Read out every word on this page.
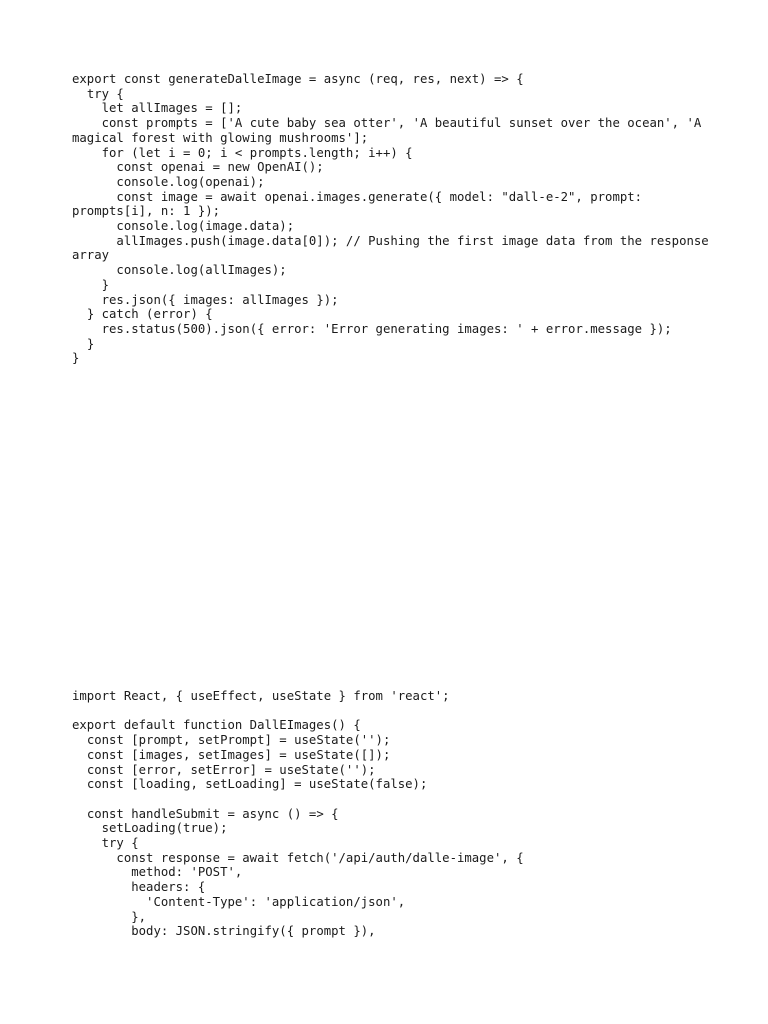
export const generateDalleImage = async (req, res, next) => {
try {
let allImages = [];
const prompts = ['A cute baby sea otter', 'A beautiful sunset over the ocean', 'A magical forest with glowing mushrooms'];
for (let i = 0; i < prompts.length; i++) {
const openai = new OpenAI();
console.log(openai);
const image = await openai.images.generate({ model: "dall-e-2", prompt: prompts[i], n: 1 });
console.log(image.data);
allImages.push(image.data[0]); // Pushing the first image data from the response array
console.log(allImages);
}
res.json({ images: allImages });
} catch (error) {
res.status(500).json({ error: 'Error generating images: ' + error.message });
}
}
import React, { useEffect, useState } from 'react';
export default function DallEImages() {
const [prompt, setPrompt] = useState('');
const [images, setImages] = useState([]);
const [error, setError] = useState('');
const [loading, setLoading] = useState(false);
const handleSubmit = async () => {
setLoading(true);
try {
const response = await fetch('/api/auth/dalle-image', {
method: 'POST',
headers: {
'Content-Type': 'application/json',
},
body: JSON.stringify({ prompt }),
